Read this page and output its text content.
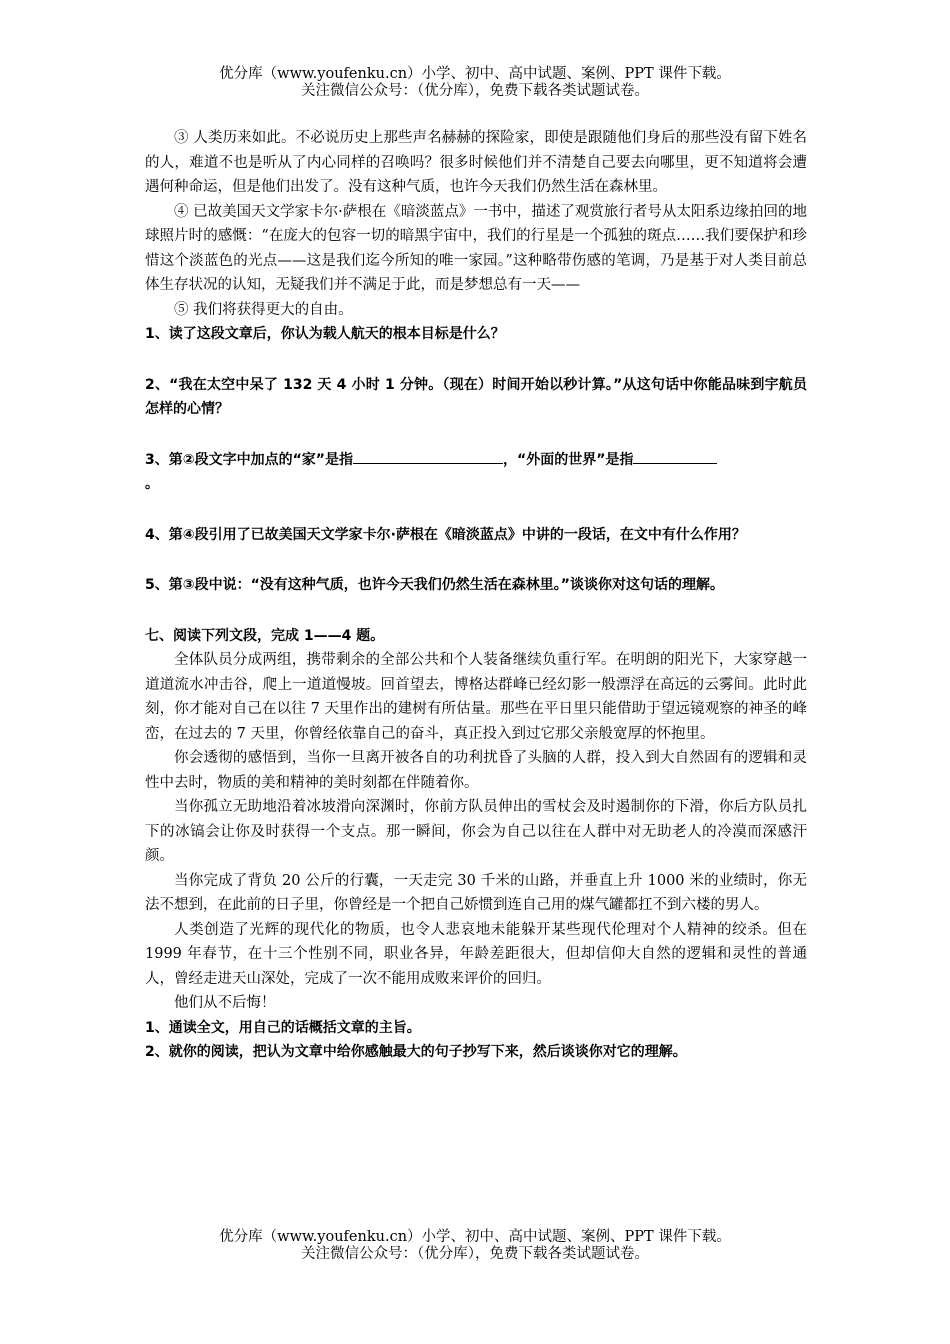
优分库（www.youfenku.cn）小学、初中、高中试题、案例、PPT 课件下载。
关注微信公众号：（优分库），免费下载各类试题试卷。

③ 人类历来如此。不必说历史上那些声名赫赫的探险家，即使是跟随他们身后的那些没有留下姓名的人，难道不也是听从了内心同样的召唤吗？很多时候他们并不清楚自己要去向哪里，更不知道将会遭遇何种命运，但是他们出发了。没有这种气质，也许今天我们仍然生活在森林里。

④ 已故美国天文学家卡尔·萨根在《暗淡蓝点》一书中，描述了观赏旅行者号从太阳系边缘拍回的地球照片时的感慨：“在庞大的包容一切的暗黑宇宙中，我们的行星是一个孤独的斑点……我们要保护和珍惜这个淡蓝色的光点——这是我们迄今所知的唯一家园。”这种略带伤感的笔调，乃是基于对人类目前总体生存状况的认知，无疑我们并不满足于此，而是梦想总有一天——

⑤ 我们将获得更大的自由。

1、读了这段文章后，你认为载人航天的根本目标是什么？

2、“我在太空中呆了 132 天 4 小时 1 分钟。（现在）时间开始以秒计算。”从这句话中你能品味到宇航员怎样的心情？

3、第②段文字中加点的“家”是指	，“外面的世界”是指
。

4、第④段引用了已故美国天文学家卡尔·萨根在《暗淡蓝点》中讲的一段话，在文中有什么作用？

5、第③段中说：“没有这种气质，也许今天我们仍然生活在森林里。”谈谈你对这句话的理解。

七、阅读下列文段，完成 1——4 题。

全体队员分成两组，携带剩余的全部公共和个人装备继续负重行军。在明朗的阳光下，大家穿越一道道流水冲击谷，爬上一道道慢坡。回首望去，博格达群峰已经幻影一般漂浮在高远的云雾间。此时此刻，你才能对自己在以往 7 天里作出的建树有所估量。那些在平日里只能借助于望远镜观察的神圣的峰峦，在过去的 7 天里，你曾经依靠自己的奋斗，真正投入到过它那父亲般宽厚的怀抱里。

你会透彻的感悟到，当你一旦离开被各自的功利扰昏了头脑的人群，投入到大自然固有的逻辑和灵性中去时，物质的美和精神的美时刻都在伴随着你。

当你孤立无助地沿着冰坡滑向深渊时，你前方队员伸出的雪杖会及时遏制你的下滑，你后方队员扎下的冰镐会让你及时获得一个支点。那一瞬间，你会为自己以往在人群中对无助老人的冷漠而深感汗颜。

当你完成了背负 20 公斤的行囊，一天走完 30 千米的山路，并垂直上升 1000 米的业绩时，你无法不想到，在此前的日子里，你曾经是一个把自己娇惯到连自己用的煤气罐都扛不到六楼的男人。

人类创造了光辉的现代化的物质，也令人悲哀地未能躲开某些现代伦理对个人精神的绞杀。但在 1999 年春节，在十三个性别不同，职业各异，年龄差距很大，但却信仰大自然的逻辑和灵性的普通人，曾经走进天山深处，完成了一次不能用成败来评价的回归。

他们从不后悔！

1、通读全文，用自己的话概括文章的主旨。

2、就你的阅读，把认为文章中给你感触最大的句子抄写下来，然后谈谈你对它的理解。

优分库（www.youfenku.cn）小学、初中、高中试题、案例、PPT 课件下载。
关注微信公众号：（优分库），免费下载各类试题试卷。
